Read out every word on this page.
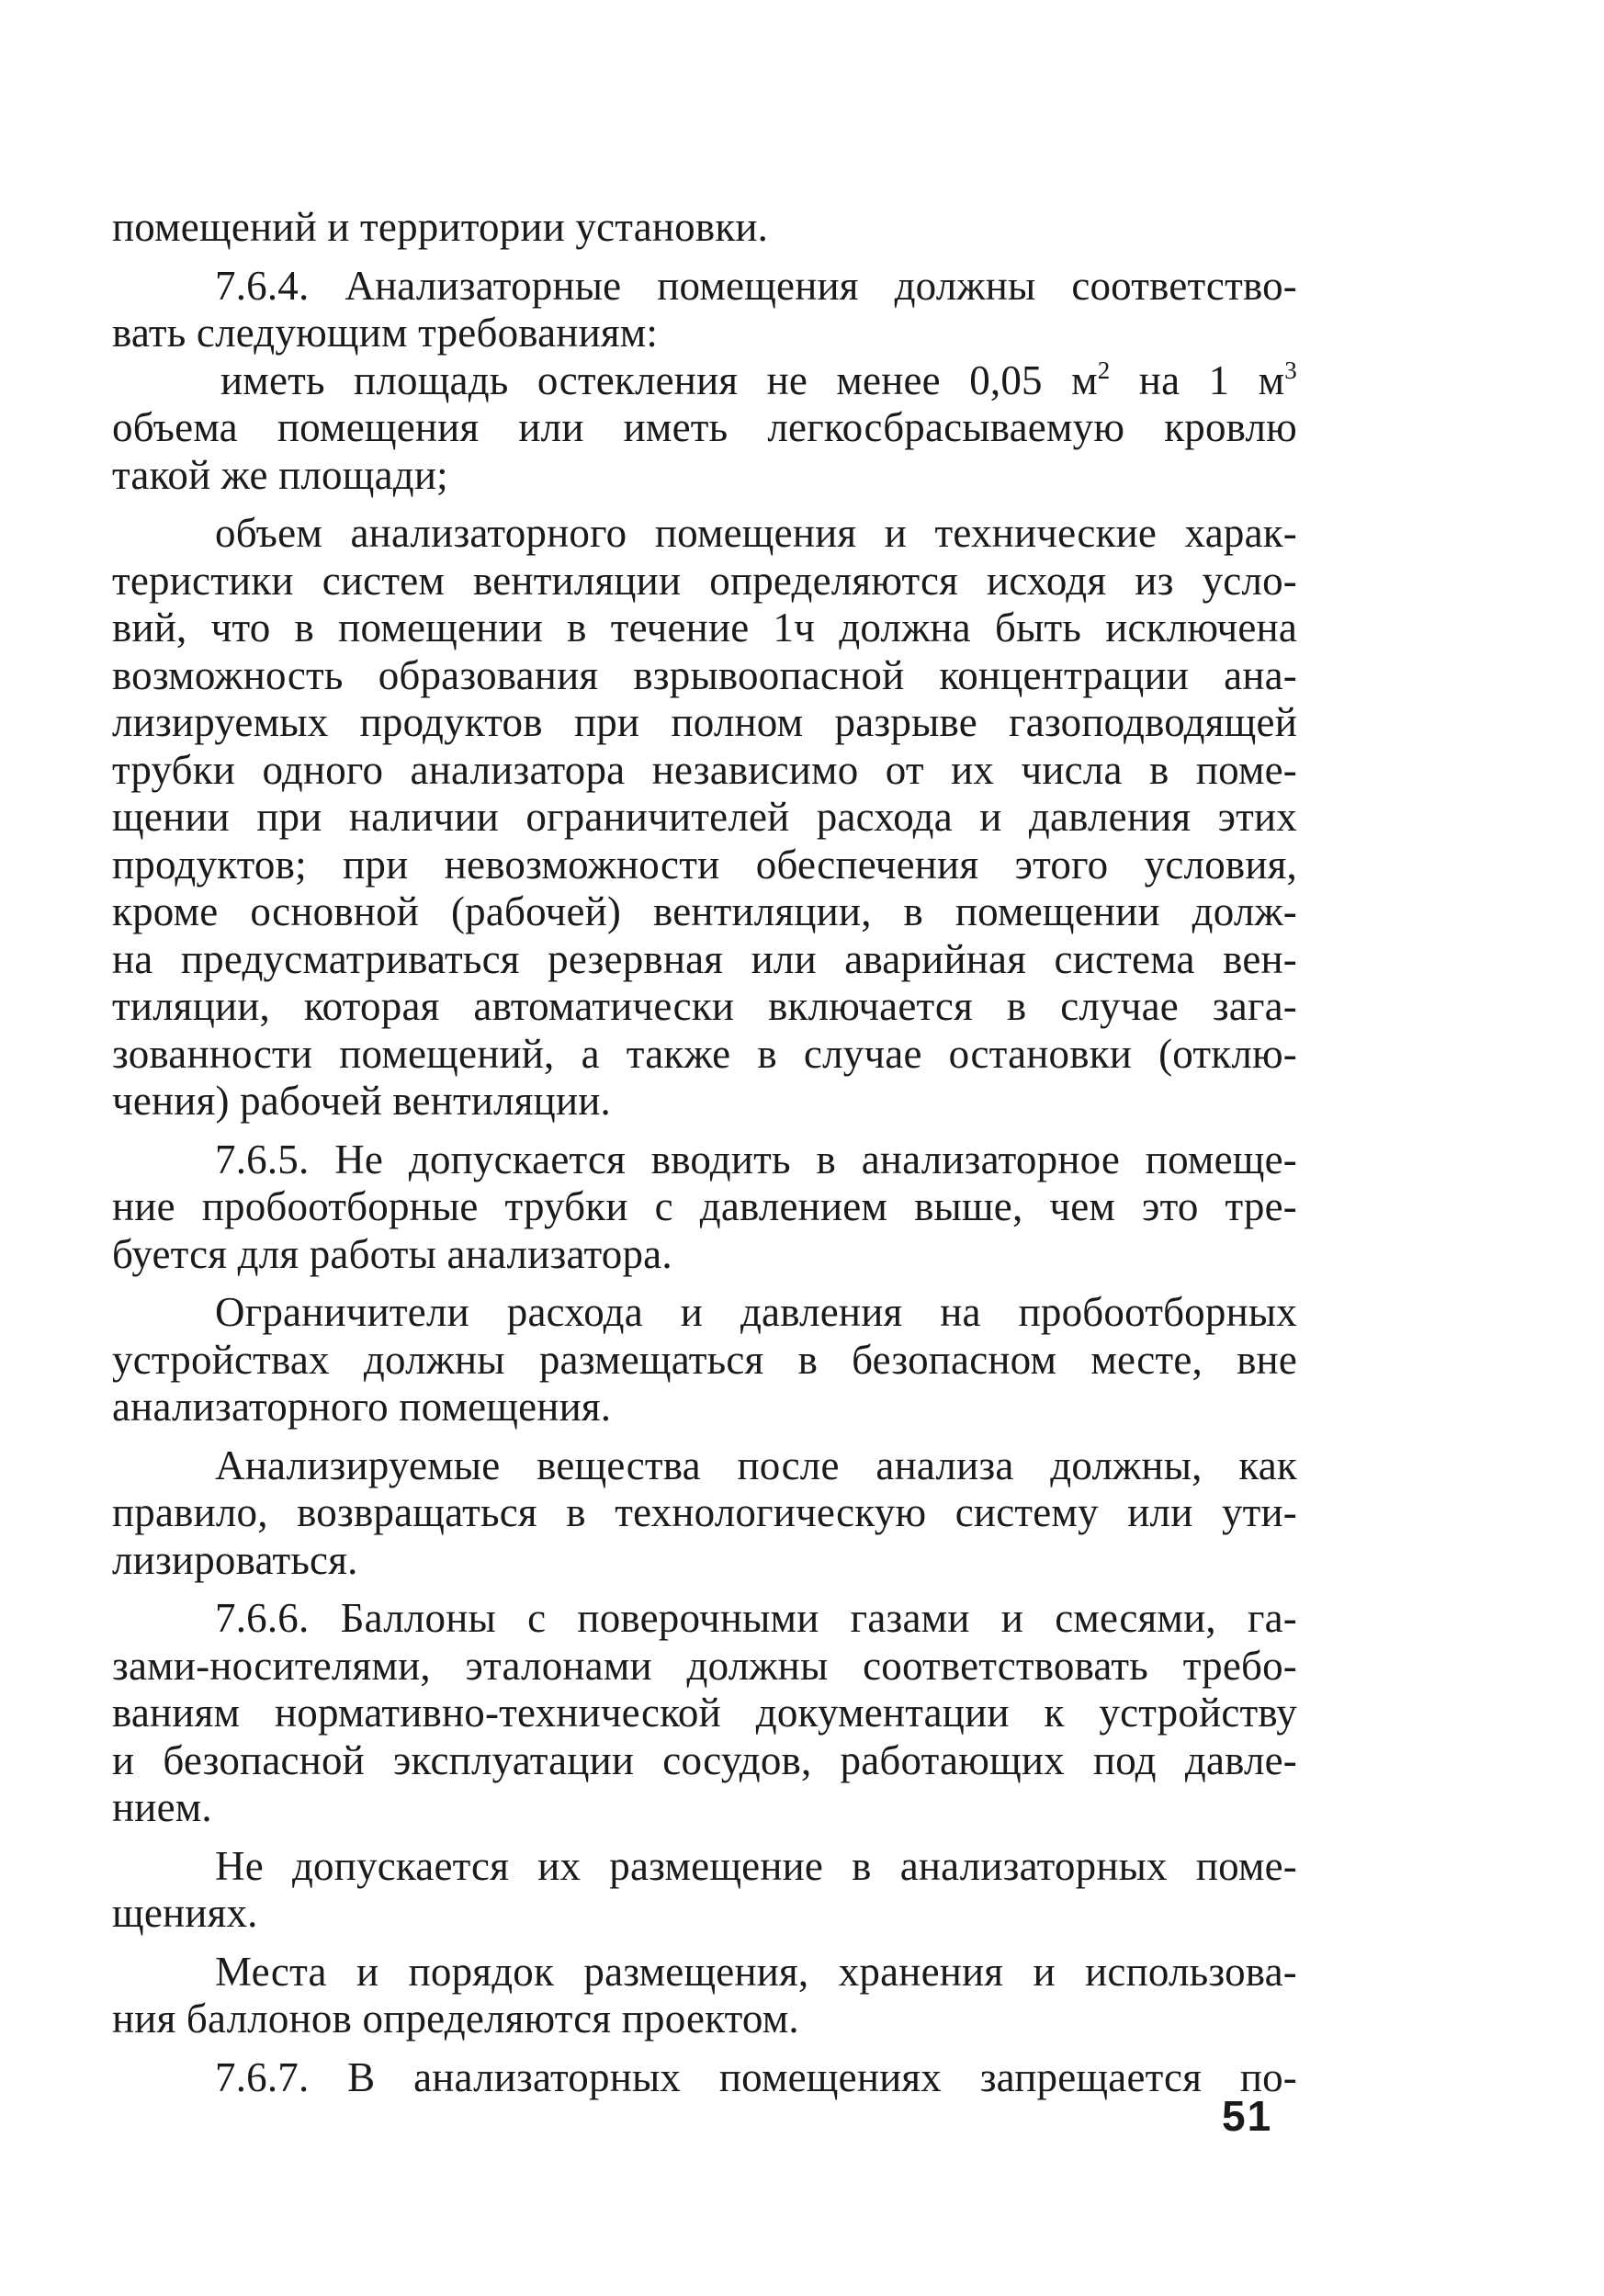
помещений и территории установки.
7.6.4. Анализаторные помещения должны соответство-
вать следующим требованиям:
иметь площадь остекления не менее 0,05 $м^2$ на 1 $м^3$
объема помещения или иметь легкосбрасываемую кровлю
такой же площади;
объем анализаторного помещения и технические харак-
теристики систем вентиляции определяются исходя из усло-
вий, что в помещении в течение 1ч должна быть исключена
возможность образования взрывоопасной концентрации ана-
лизируемых продуктов при полном разрыве газоподводящей
трубки одного анализатора независимо от их числа в поме-
щении при наличии ограничителей расхода и давления этих
продуктов; при невозможности обеспечения этого условия,
кроме основной (рабочей) вентиляции, в помещении долж-
на предусматриваться резервная или аварийная система вен-
тиляции, которая автоматически включается в случае зага-
зованности помещений, а также в случае остановки (отклю-
чения) рабочей вентиляции.
7.6.5. Не допускается вводить в анализаторное помеще-
ние пробоотборные трубки с давлением выше, чем это тре-
буется для работы анализатора.
Ограничители расхода и давления на пробоотборных
устройствах должны размещаться в безопасном месте, вне
анализаторного помещения.
Анализируемые вещества после анализа должны, как
правило, возвращаться в технологическую систему или ути-
лизироваться.
7.6.6. Баллоны с поверочными газами и смесями, га-
зами-носителями, эталонами должны соответствовать требо-
ваниям нормативно-технической документации к устройству
и безопасной эксплуатации сосудов, работающих под давле-
нием.
Не допускается их размещение в анализаторных поме-
щениях.
Места и порядок размещения, хранения и использова-
ния баллонов определяются проектом.
7.6.7. В анализаторных помещениях запрещается по-
51
